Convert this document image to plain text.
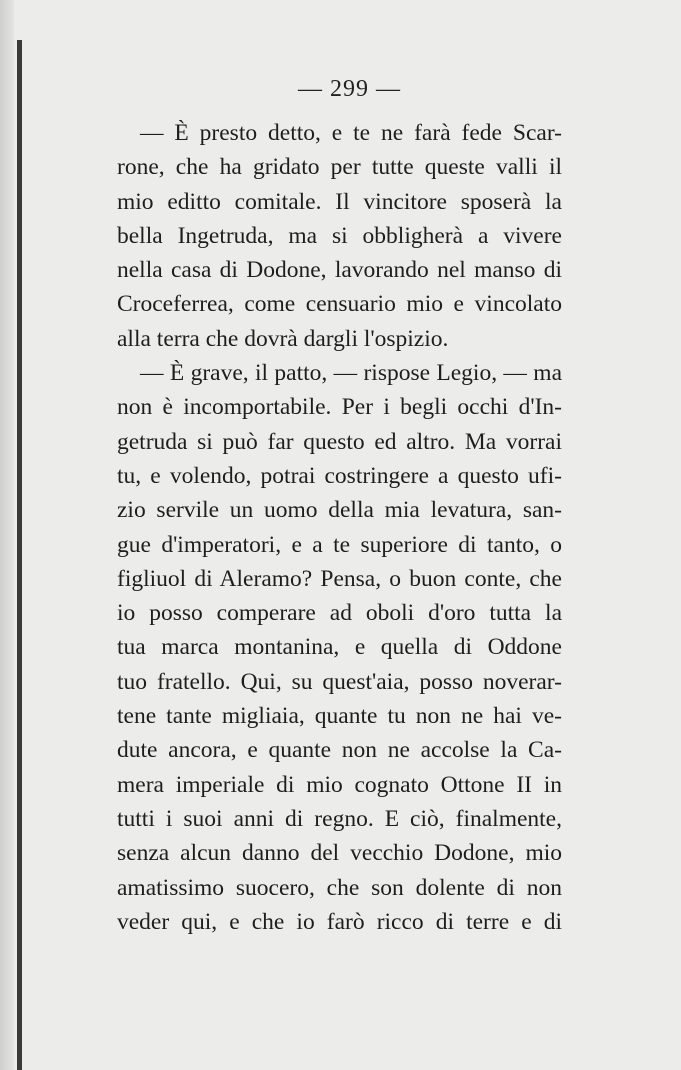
— 299 —
— È presto detto, e te ne farà fede Scar-
rone, che ha gridato per tutte queste valli il
mio editto comitale. Il vincitore sposerà la
bella Ingetruda, ma si obbligherà a vivere
nella casa di Dodone, lavorando nel manso di
Croceferrea, come censuario mio e vincolato
alla terra che dovrà dargli l'ospizio.
— È grave, il patto, — rispose Legio, — ma
non è incomportabile. Per i begli occhi d'In-
getruda si può far questo ed altro. Ma vorrai
tu, e volendo, potrai costringere a questo ufi-
zio servile un uomo della mia levatura, san-
gue d'imperatori, e a te superiore di tanto, o
figliuol di Aleramo? Pensa, o buon conte, che
io posso comperare ad oboli d'oro tutta la
tua marca montanina, e quella di Oddone
tuo fratello. Qui, su quest'aia, posso noverar-
tene tante migliaia, quante tu non ne hai ve-
dute ancora, e quante non ne accolse la Ca-
mera imperiale di mio cognato Ottone II in
tutti i suoi anni di regno. E ciò, finalmente,
senza alcun danno del vecchio Dodone, mio
amatissimo suocero, che son dolente di non
veder qui, e che io farò ricco di terre e di
